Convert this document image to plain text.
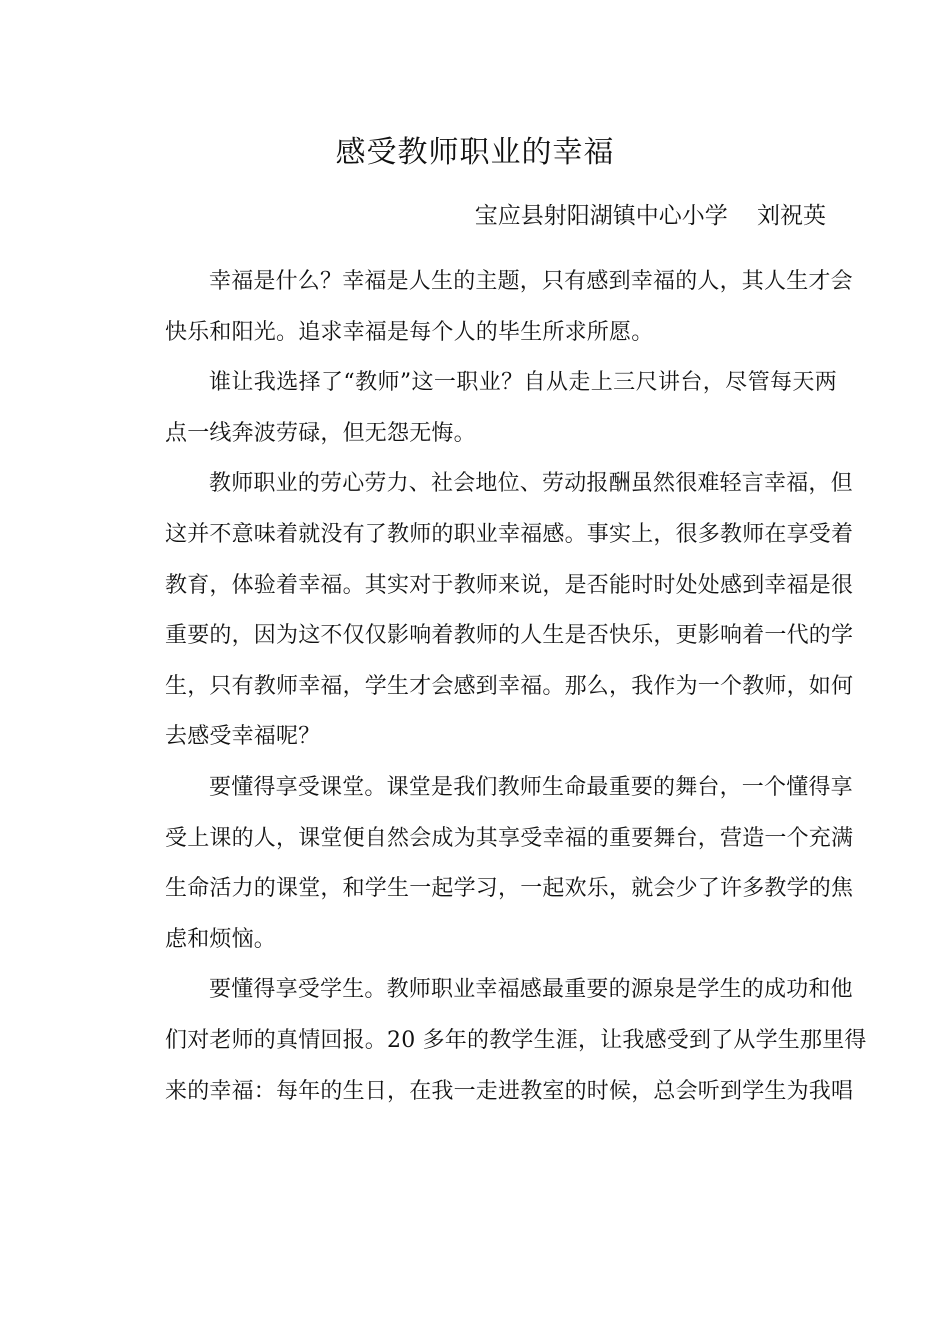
感受教师职业的幸福

宝应县射阳湖镇中心小学    刘祝英

幸福是什么？幸福是人生的主题，只有感到幸福的人，其人生才会
快乐和阳光。追求幸福是每个人的毕生所求所愿。

谁让我选择了“教师”这一职业？自从走上三尺讲台，尽管每天两
点一线奔波劳碌，但无怨无悔。

教师职业的劳心劳力、社会地位、劳动报酬虽然很难轻言幸福，但
这并不意味着就没有了教师的职业幸福感。事实上，很多教师在享受着
教育，体验着幸福。其实对于教师来说，是否能时时处处感到幸福是很
重要的，因为这不仅仅影响着教师的人生是否快乐，更影响着一代的学
生，只有教师幸福，学生才会感到幸福。那么，我作为一个教师，如何
去感受幸福呢？

要懂得享受课堂。课堂是我们教师生命最重要的舞台，一个懂得享
受上课的人，课堂便自然会成为其享受幸福的重要舞台，营造一个充满
生命活力的课堂，和学生一起学习，一起欢乐，就会少了许多教学的焦
虑和烦恼。

要懂得享受学生。教师职业幸福感最重要的源泉是学生的成功和他
们对老师的真情回报。20 多年的教学生涯，让我感受到了从学生那里得
来的幸福：每年的生日，在我一走进教室的时候，总会听到学生为我唱
